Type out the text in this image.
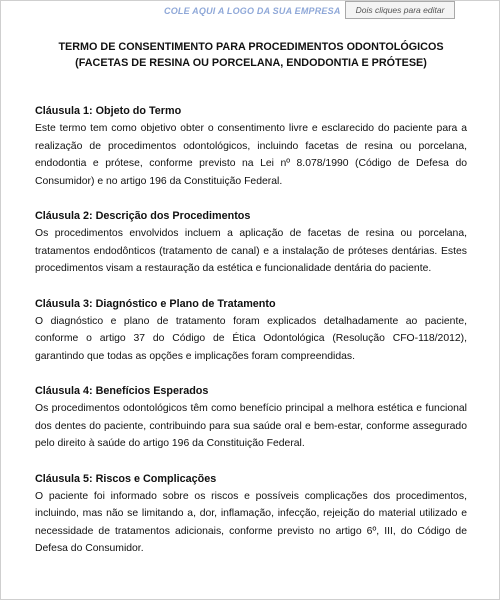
COLE AQUI A LOGO DA SUA EMPRESA	Dois cliques para editar

TERMO DE CONSENTIMENTO PARA PROCEDIMENTOS ODONTOLÓGICOS

(FACETAS DE RESINA OU PORCELANA, ENDODONTIA E PRÓTESE)

Cláusula 1: Objeto do Termo

Este termo tem como objetivo obter o consentimento livre e esclarecido do paciente para a realização de procedimentos odontológicos, incluindo facetas de resina ou porcelana, endodontia e prótese, conforme previsto na Lei nº 8.078/1990 (Código de Defesa do Consumidor) e no artigo 196 da Constituição Federal.

Cláusula 2: Descrição dos Procedimentos

Os procedimentos envolvidos incluem a aplicação de facetas de resina ou porcelana, tratamentos endodônticos (tratamento de canal) e a instalação de próteses dentárias. Estes procedimentos visam a restauração da estética e funcionalidade dentária do paciente.

Cláusula 3: Diagnóstico e Plano de Tratamento

O diagnóstico e plano de tratamento foram explicados detalhadamente ao paciente, conforme o artigo 37 do Código de Ética Odontológica (Resolução CFO-118/2012), garantindo que todas as opções e implicações foram compreendidas.

Cláusula 4: Benefícios Esperados

Os procedimentos odontológicos têm como benefício principal a melhora estética e funcional dos dentes do paciente, contribuindo para sua saúde oral e bem-estar, conforme assegurado pelo direito à saúde do artigo 196 da Constituição Federal.

Cláusula 5: Riscos e Complicações

O paciente foi informado sobre os riscos e possíveis complicações dos procedimentos, incluindo, mas não se limitando a, dor, inflamação, infecção, rejeição do material utilizado e necessidade de tratamentos adicionais, conforme previsto no artigo 6º, III, do Código de Defesa do Consumidor.
